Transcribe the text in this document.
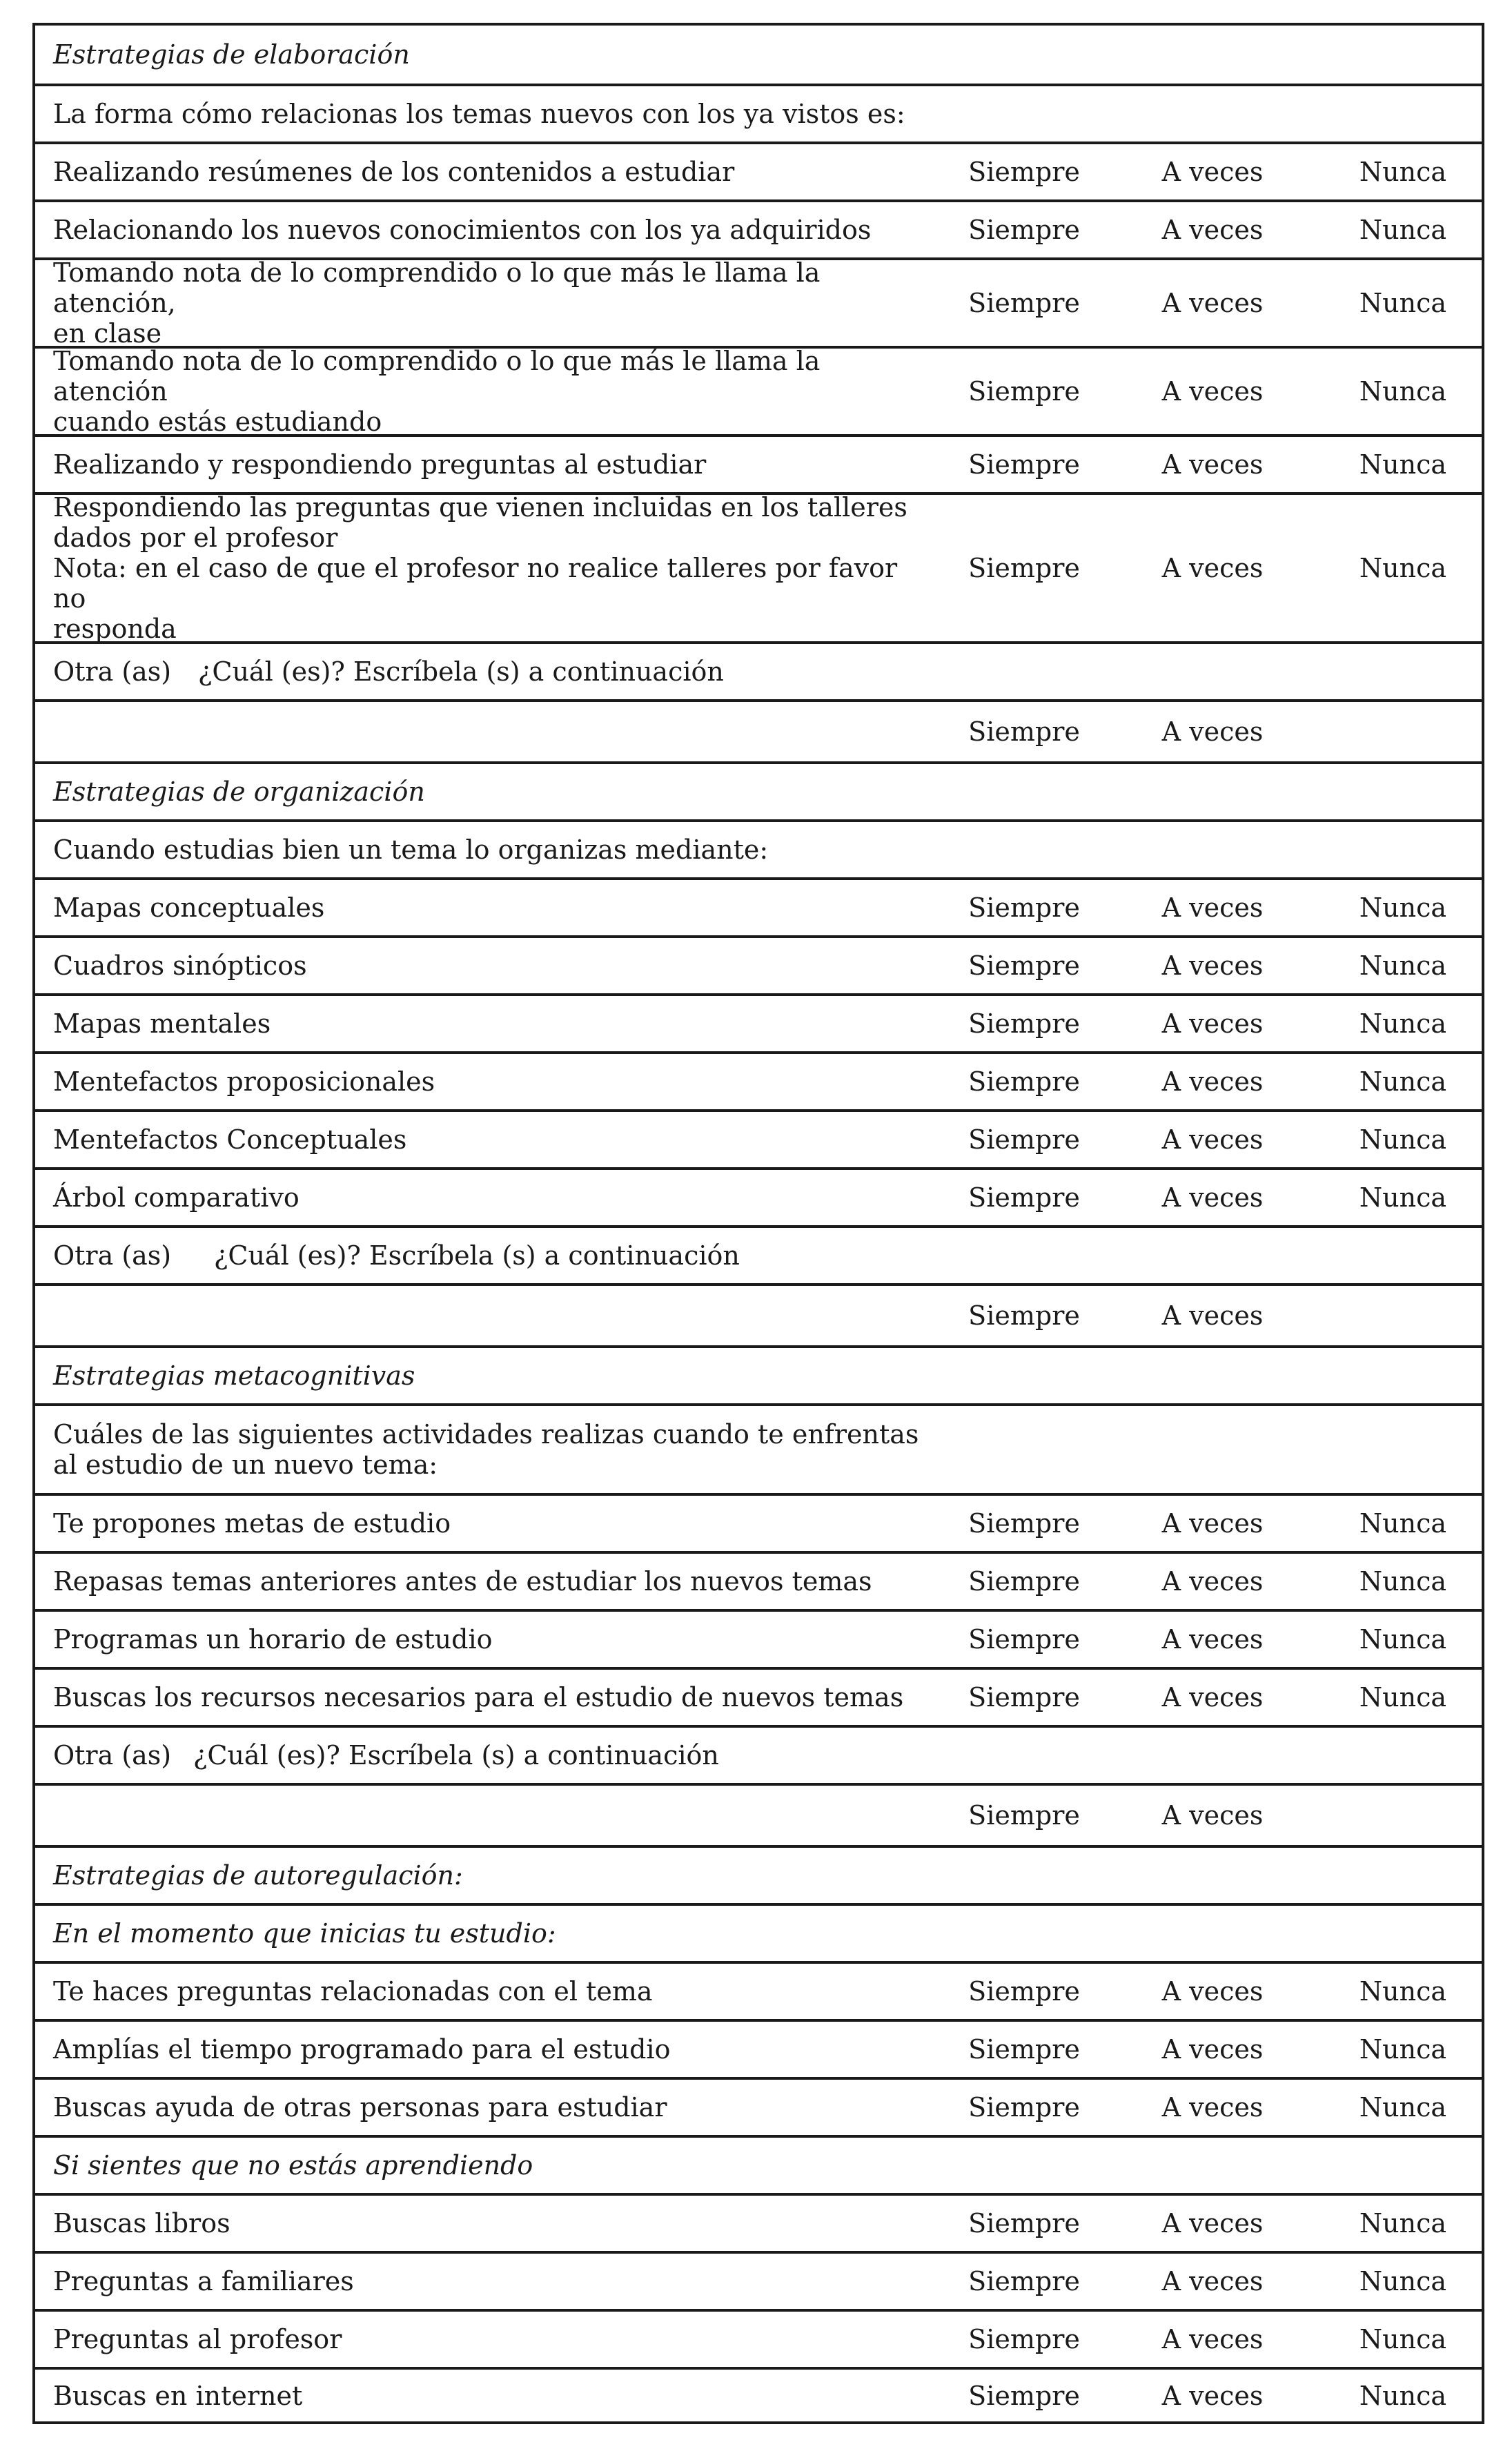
Estrategias de elaboración
La forma cómo relacionas los temas nuevos con los ya vistos es:
Realizando resúmenes de los contenidos a estudiar	Siempre	A veces	Nunca
Relacionando los nuevos conocimientos con los ya adquiridos	Siempre	A veces	Nunca
Tomando nota de lo comprendido o lo que más le llama la atención,
en clase
Siempre	A veces	Nunca
Tomando nota de lo comprendido o lo que más le llama la atención
cuando estás estudiando
Siempre	A veces	Nunca
Realizando y respondiendo preguntas al estudiar	Siempre	A veces	Nunca
Respondiendo las preguntas que vienen incluidas en los talleres
dados por el profesor
Nota: en el caso de que el profesor no realice talleres por favor no
responda
Siempre	A veces	Nunca
Otra (as) ¿Cuál (es)? Escríbela (s) a continuación
Siempre	A veces
Estrategias de organización
Cuando estudias bien un tema lo organizas mediante:
Mapas conceptuales	Siempre	A veces	Nunca
Cuadros sinópticos	Siempre	A veces	Nunca
Mapas mentales	Siempre	A veces	Nunca
Mentefactos proposicionales	Siempre	A veces	Nunca
Mentefactos Conceptuales	Siempre	A veces	Nunca
Árbol comparativo	Siempre	A veces	Nunca
Otra (as) ¿Cuál (es)? Escríbela (s) a continuación
Siempre	A veces
Estrategias metacognitivas
Cuáles de las siguientes actividades realizas cuando te enfrentas
al estudio de un nuevo tema:
Te propones metas de estudio	Siempre	A veces	Nunca
Repasas temas anteriores antes de estudiar los nuevos temas	Siempre	A veces	Nunca
Programas un horario de estudio	Siempre	A veces	Nunca
Buscas los recursos necesarios para el estudio de nuevos temas	Siempre	A veces	Nunca
Otra (as) ¿Cuál (es)? Escríbela (s) a continuación
Siempre	A veces
Estrategias de autoregulación:
En el momento que inicias tu estudio:
Te haces preguntas relacionadas con el tema	Siempre	A veces	Nunca
Amplías el tiempo programado para el estudio	Siempre	A veces	Nunca
Buscas ayuda de otras personas para estudiar	Siempre	A veces	Nunca
Si sientes que no estás aprendiendo
Buscas libros	Siempre	A veces	Nunca
Preguntas a familiares	Siempre	A veces	Nunca
Preguntas al profesor	Siempre	A veces	Nunca
Buscas en internet	Siempre	A veces	Nunca
